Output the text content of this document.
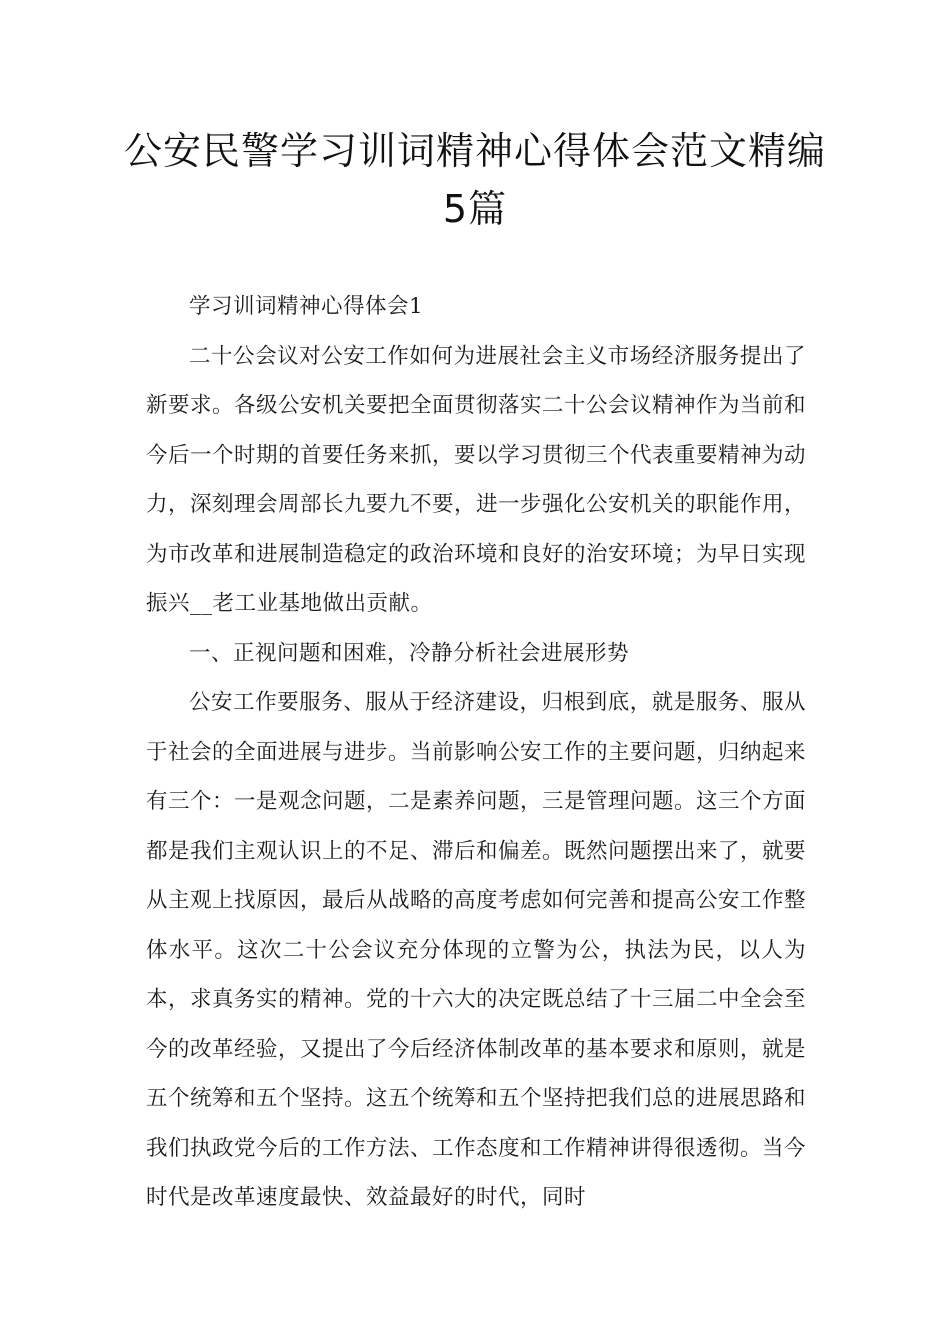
公安民警学习训词精神心得体会范文精编5篇

学习训词精神心得体会1

二十公会议对公安工作如何为进展社会主义市场经济服务提出了新要求。各级公安机关要把全面贯彻落实二十公会议精神作为当前和今后一个时期的首要任务来抓，要以学习贯彻三个代表重要精神为动力，深刻理会周部长九要九不要，进一步强化公安机关的职能作用，为市改革和进展制造稳定的政治环境和良好的治安环境；为早日实现振兴__老工业基地做出贡献。

一、正视问题和困难，冷静分析社会进展形势

公安工作要服务、服从于经济建设，归根到底，就是服务、服从于社会的全面进展与进步。当前影响公安工作的主要问题，归纳起来有三个：一是观念问题，二是素养问题，三是管理问题。这三个方面都是我们主观认识上的不足、滞后和偏差。既然问题摆出来了，就要从主观上找原因，最后从战略的高度考虑如何完善和提高公安工作整体水平。这次二十公会议充分体现的立警为公，执法为民，以人为本，求真务实的精神。党的十六大的决定既总结了十三届二中全会至今的改革经验，又提出了今后经济体制改革的基本要求和原则，就是五个统筹和五个坚持。这五个统筹和五个坚持把我们总的进展思路和我们执政党今后的工作方法、工作态度和工作精神讲得很透彻。当今时代是改革速度最快、效益最好的时代，同时
